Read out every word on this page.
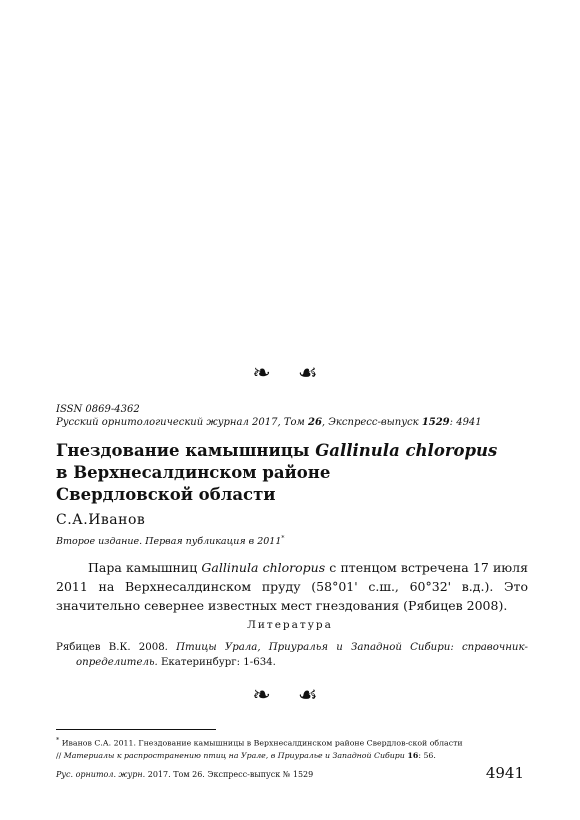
❧ ☙
ISSN 0869-4362
Русский орнитологический журнал 2017, Том 26, Экспресс-выпуск 1529: 4941
Гнездование камышницы Gallinula chloropus
в Верхнесалдинском районе
Свердловской области
С.А.Иванов
Второе издание. Первая публикация в 2011*
Пара камышниц Gallinula chloropus с птенцом встречена 17 июля 2011 на Верхнесалдинском пруду (58°01' с.ш., 60°32' в.д.). Это значительно севернее известных мест гнездования (Рябицев 2008).
Литература
Рябицев В.К. 2008. Птицы Урала, Приуралья и Западной Сибири: справочник-определитель. Екатеринбург: 1-634.
❧ ☙
* Иванов С.А. 2011. Гнездование камышницы в Верхнесалдинском районе Свердлов-ской области
// Материалы к распространению птиц на Урале, в Приуралье и Западной Сибири 16: 56.
Рус. орнитол. журн. 2017. Том 26. Экспресс-выпуск № 1529	4941
